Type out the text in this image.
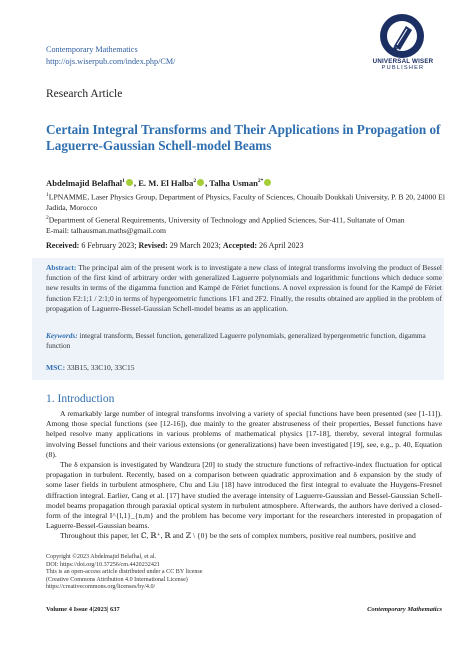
Contemporary Mathematics
http://ojs.wiserpub.com/index.php/CM/	UNIVERSAL WISER
PUBLISHER
Research Article
Certain Integral Transforms and Their Applications in Propagation of Laguerre-Gaussian Schell-model Beams
Abdelmajid Belafhal$^1$ , E. M. El Halba$^2$ , Talha Usman$^{2*}$
$^1$LPNAMME, Laser Physics Group, Department of Physics, Faculty of Sciences, Chouaïb Doukkali University, P. B 20, 24000 El Jadida, Morocco
$^2$Department of General Requirements, University of Technology and Applied Sciences, Sur-411, Sultanate of Oman
E-mail: talhausman.maths@gmail.com
Received: 6 February 2023; Revised: 29 March 2023; Accepted: 26 April 2023
Abstract: The principal aim of the present work is to investigate a new class of integral transforms involving the product of Bessel function of the first kind of arbitrary order with generalized Laguerre polynomials and logarithmic functions which deduce some new results in terms of the digamma function and Kampé de Fériet functions. A novel expression is found for the Kampé de Fériet function F2:1;1 / 2:1;0 in terms of hypergeometric functions 1F1 and 2F2. Finally, the results obtained are applied in the problem of propagation of Laguerre-Bessel-Gaussian Schell-model beams as an application.
Keywords: integral transform, Bessel function, generalized Laguerre polynomials, generalized hypergeometric function, digamma function
MSC: 33B15, 33C10, 33C15
1. Introduction

A remarkably large number of integral transforms involving a variety of special functions have been presented (see [1-11]). Among those special functions (see [12-16]), due mainly to the greater abstruseness of their properties, Bessel functions have helped resolve many applications in various problems of mathematical physics [17-18], thereby, several integral formulas involving Bessel functions and their various extensions (or generalizations) have been investigated [19], see, e.g., p. 40, Equation (8).

The δ expansion is investigated by Wandzura [20] to study the structure functions of refractive-index fluctuation for optical propagation in turbulent. Recently, based on a comparison between quadratic approximation and δ expansion by the study of some laser fields in turbulent atmosphere, Chu and Liu [18] have introduced the first integral to evaluate the Huygens-Fresnel diffraction integral. Earlier, Cang et al. [17] have studied the average intensity of Laguerre-Gaussian and Bessel-Gaussian Schell-model beams propagation through paraxial optical system in turbulent atmosphere. Afterwards, the authors have derived a closed-form of the integral I^{l,1}_{n,m} and the problem has become very important for the researchers interested in propagation of Laguerre-Bessel-Gaussian beams.

Throughout this paper, let ℂ, ℝ⁺, ℝ and ℤ \ {0} be the sets of complex numbers, positive real numbers, positive and

Copyright ©2023 Abdelmajid Belafhal, et al.
DOI: https://doi.org/10.37256/cm.4420232421
This is an open-access article distributed under a CC BY license
(Creative Commons Attribution 4.0 International License)
https://creativecommons.org/licenses/by/4.0/
Volume 4 Issue 4|2023| 637	Contemporary Mathematics
